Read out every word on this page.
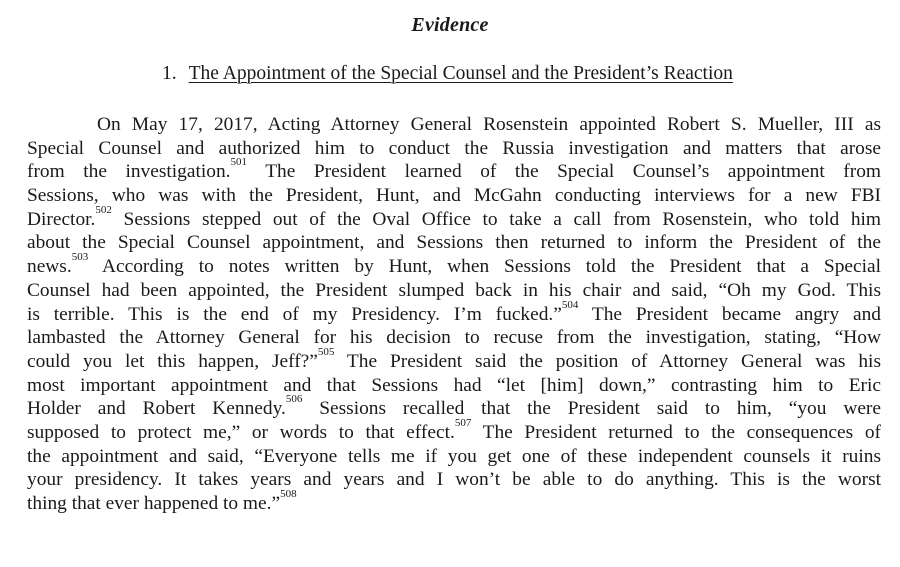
Evidence
1. The Appointment of the Special Counsel and the President’s Reaction
On May 17, 2017, Acting Attorney General Rosenstein appointed Robert S. Mueller, III as
Special Counsel and authorized him to conduct the Russia investigation and matters that arose
from the investigation.$^{501}$ The President learned of the Special Counsel’s appointment from
Sessions, who was with the President, Hunt, and McGahn conducting interviews for a new FBI
Director.$^{502}$ Sessions stepped out of the Oval Office to take a call from Rosenstein, who told him
about the Special Counsel appointment, and Sessions then returned to inform the President of the
news.$^{503}$ According to notes written by Hunt, when Sessions told the President that a Special
Counsel had been appointed, the President slumped back in his chair and said, “Oh my God. This
is terrible. This is the end of my Presidency. I’m fucked.”$^{504}$ The President became angry and
lambasted the Attorney General for his decision to recuse from the investigation, stating, “How
could you let this happen, Jeff?”$^{505}$ The President said the position of Attorney General was his
most important appointment and that Sessions had “let [him] down,” contrasting him to Eric
Holder and Robert Kennedy.$^{506}$ Sessions recalled that the President said to him, “you were
supposed to protect me,” or words to that effect.$^{507}$ The President returned to the consequences of
the appointment and said, “Everyone tells me if you get one of these independent counsels it ruins
your presidency. It takes years and years and I won’t be able to do anything. This is the worst
thing that ever happened to me.”$^{508}$
